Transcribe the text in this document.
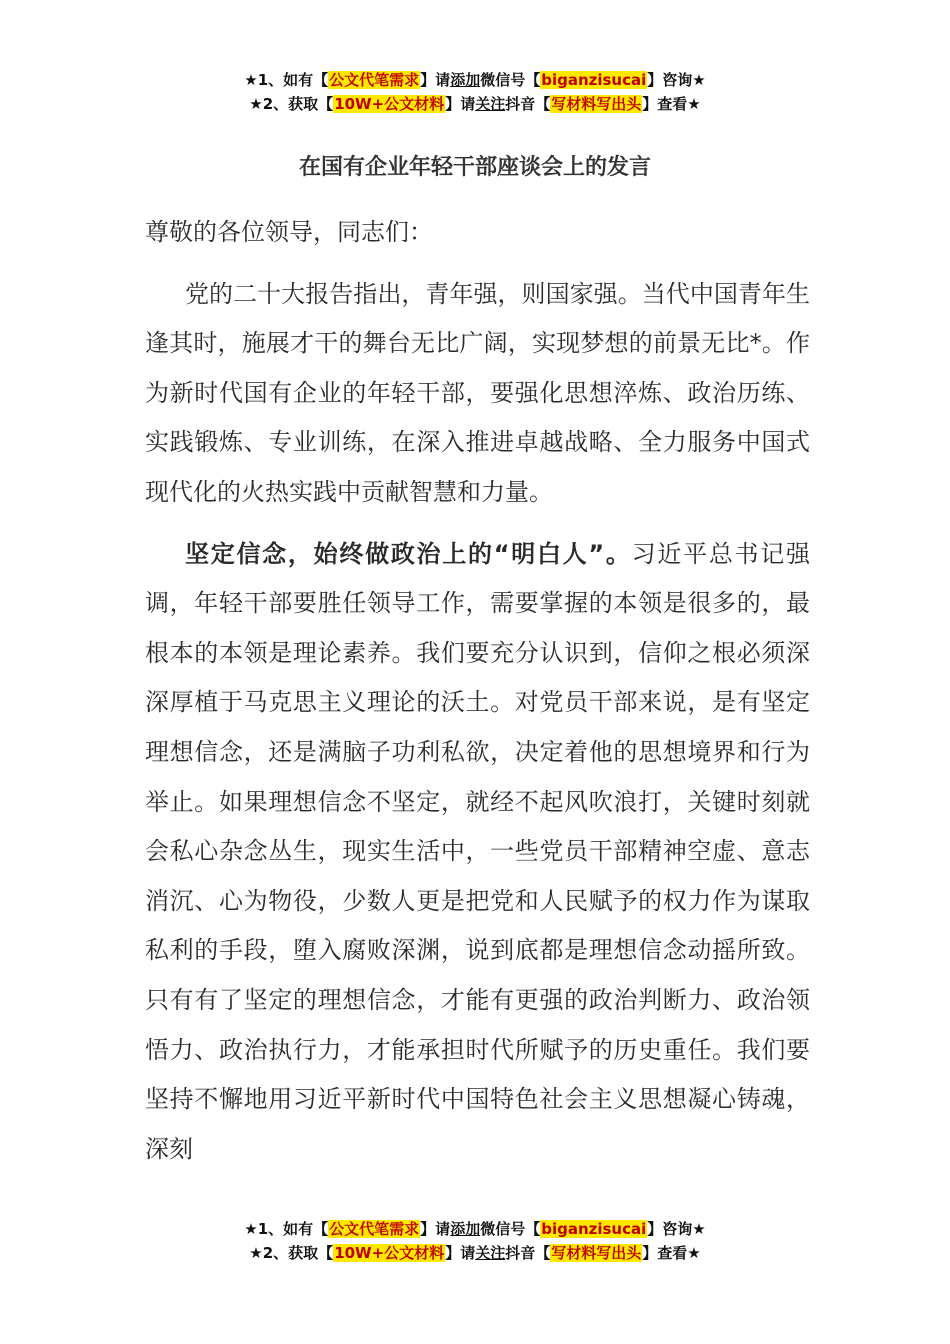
★1、如有【公文代笔需求】请添加微信号【biganzisucai】咨询★
★2、获取【10W+公文材料】请关注抖音【写材料写出头】查看★
在国有企业年轻干部座谈会上的发言

尊敬的各位领导，同志们：

党的二十大报告指出，青年强，则国家强。当代中国青年生逢其时，施展才干的舞台无比广阔，实现梦想的前景无比*。作为新时代国有企业的年轻干部，要强化思想淬炼、政治历练、实践锻炼、专业训练，在深入推进卓越战略、全力服务中国式现代化的火热实践中贡献智慧和力量。

坚定信念，始终做政治上的“明白人”。习近平总书记强调，年轻干部要胜任领导工作，需要掌握的本领是很多的，最根本的本领是理论素养。我们要充分认识到，信仰之根必须深深厚植于马克思主义理论的沃土。对党员干部来说，是有坚定理想信念，还是满脑子功利私欲，决定着他的思想境界和行为举止。如果理想信念不坚定，就经不起风吹浪打，关键时刻就会私心杂念丛生，现实生活中，一些党员干部精神空虚、意志消沉、心为物役，少数人更是把党和人民赋予的权力作为谋取私利的手段，堕入腐败深渊，说到底都是理想信念动摇所致。只有有了坚定的理想信念，才能有更强的政治判断力、政治领悟力、政治执行力，才能承担时代所赋予的历史重任。我们要坚持不懈地用习近平新时代中国特色社会主义思想凝心铸魂，深刻

★1、如有【公文代笔需求】请添加微信号【biganzisucai】咨询★
★2、获取【10W+公文材料】请关注抖音【写材料写出头】查看★
